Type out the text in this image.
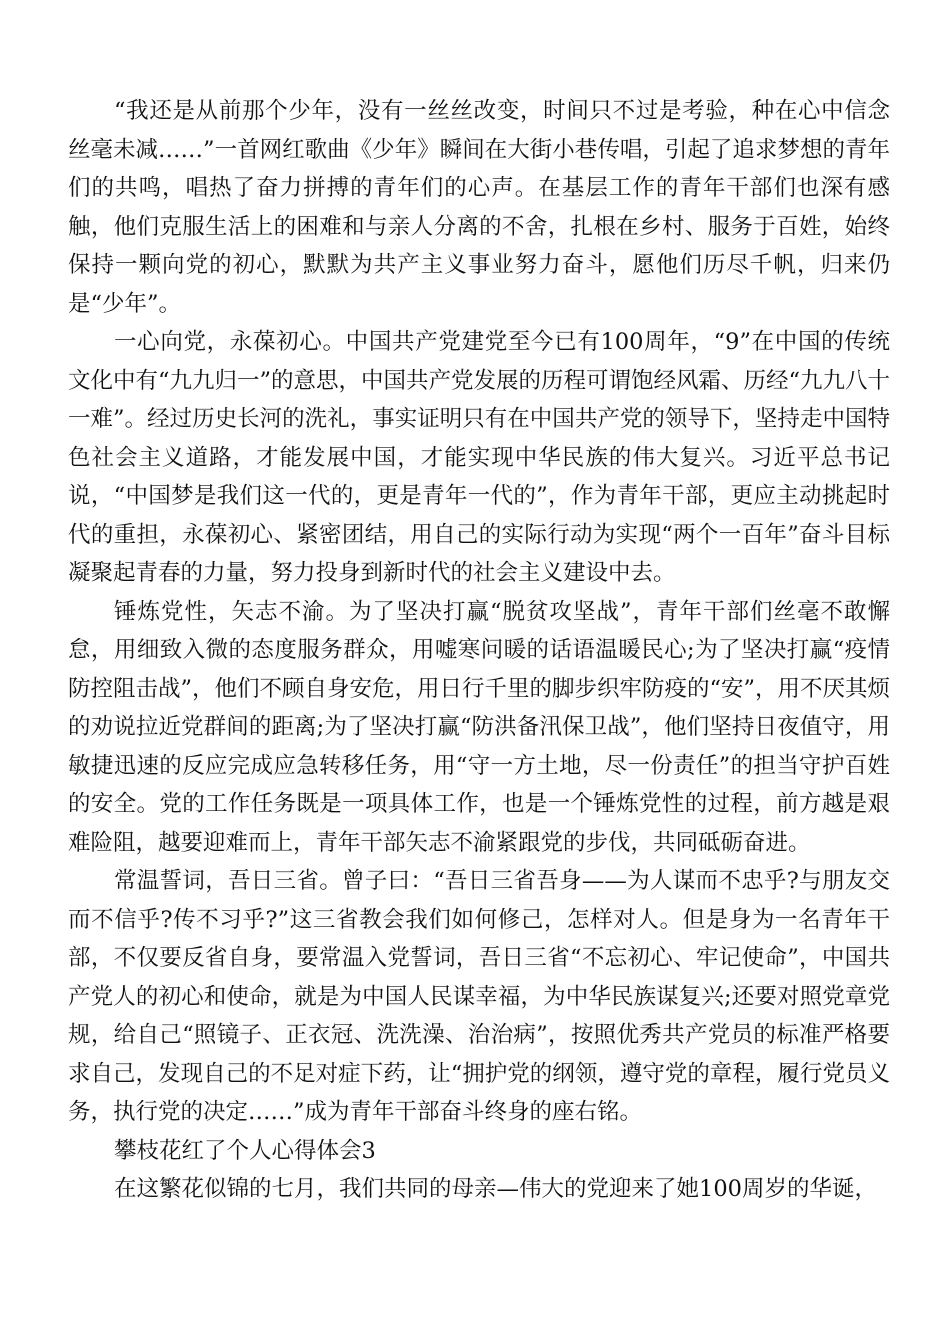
“我还是从前那个少年，没有一丝丝改变，时间只不过是考验，种在心中信念丝毫未减……”一首网红歌曲《少年》瞬间在大街小巷传唱，引起了追求梦想的青年们的共鸣，唱热了奋力拼搏的青年们的心声。在基层工作的青年干部们也深有感触，他们克服生活上的困难和与亲人分离的不舍，扎根在乡村、服务于百姓，始终保持一颗向党的初心，默默为共产主义事业努力奋斗，愿他们历尽千帆，归来仍是“少年”。

一心向党，永葆初心。中国共产党建党至今已有100周年，“9”在中国的传统文化中有“九九归一”的意思，中国共产党发展的历程可谓饱经风霜、历经“九九八十一难”。经过历史长河的洗礼，事实证明只有在中国共产党的领导下，坚持走中国特色社会主义道路，才能发展中国，才能实现中华民族的伟大复兴。习近平总书记说，“中国梦是我们这一代的，更是青年一代的”，作为青年干部，更应主动挑起时代的重担，永葆初心、紧密团结，用自己的实际行动为实现“两个一百年”奋斗目标凝聚起青春的力量，努力投身到新时代的社会主义建设中去。

锤炼党性，矢志不渝。为了坚决打赢“脱贫攻坚战”，青年干部们丝毫不敢懈怠，用细致入微的态度服务群众，用嘘寒问暖的话语温暖民心;为了坚决打赢“疫情防控阻击战”，他们不顾自身安危，用日行千里的脚步织牢防疫的“安”，用不厌其烦的劝说拉近党群间的距离;为了坚决打赢“防洪备汛保卫战”，他们坚持日夜值守，用敏捷迅速的反应完成应急转移任务，用“守一方土地，尽一份责任”的担当守护百姓的安全。党的工作任务既是一项具体工作，也是一个锤炼党性的过程，前方越是艰难险阻，越要迎难而上，青年干部矢志不渝紧跟党的步伐，共同砥砺奋进。

常温誓词，吾日三省。曾子曰：“吾日三省吾身——为人谋而不忠乎?与朋友交而不信乎?传不习乎?”这三省教会我们如何修己，怎样对人。但是身为一名青年干部，不仅要反省自身，要常温入党誓词，吾日三省“不忘初心、牢记使命”，中国共产党人的初心和使命，就是为中国人民谋幸福，为中华民族谋复兴;还要对照党章党规，给自己“照镜子、正衣冠、洗洗澡、治治病”，按照优秀共产党员的标准严格要求自己，发现自己的不足对症下药，让“拥护党的纲领，遵守党的章程，履行党员义务，执行党的决定……”成为青年干部奋斗终身的座右铭。

攀枝花红了个人心得体会3

在这繁花似锦的七月，我们共同的母亲—伟大的党迎来了她100周岁的华诞，
